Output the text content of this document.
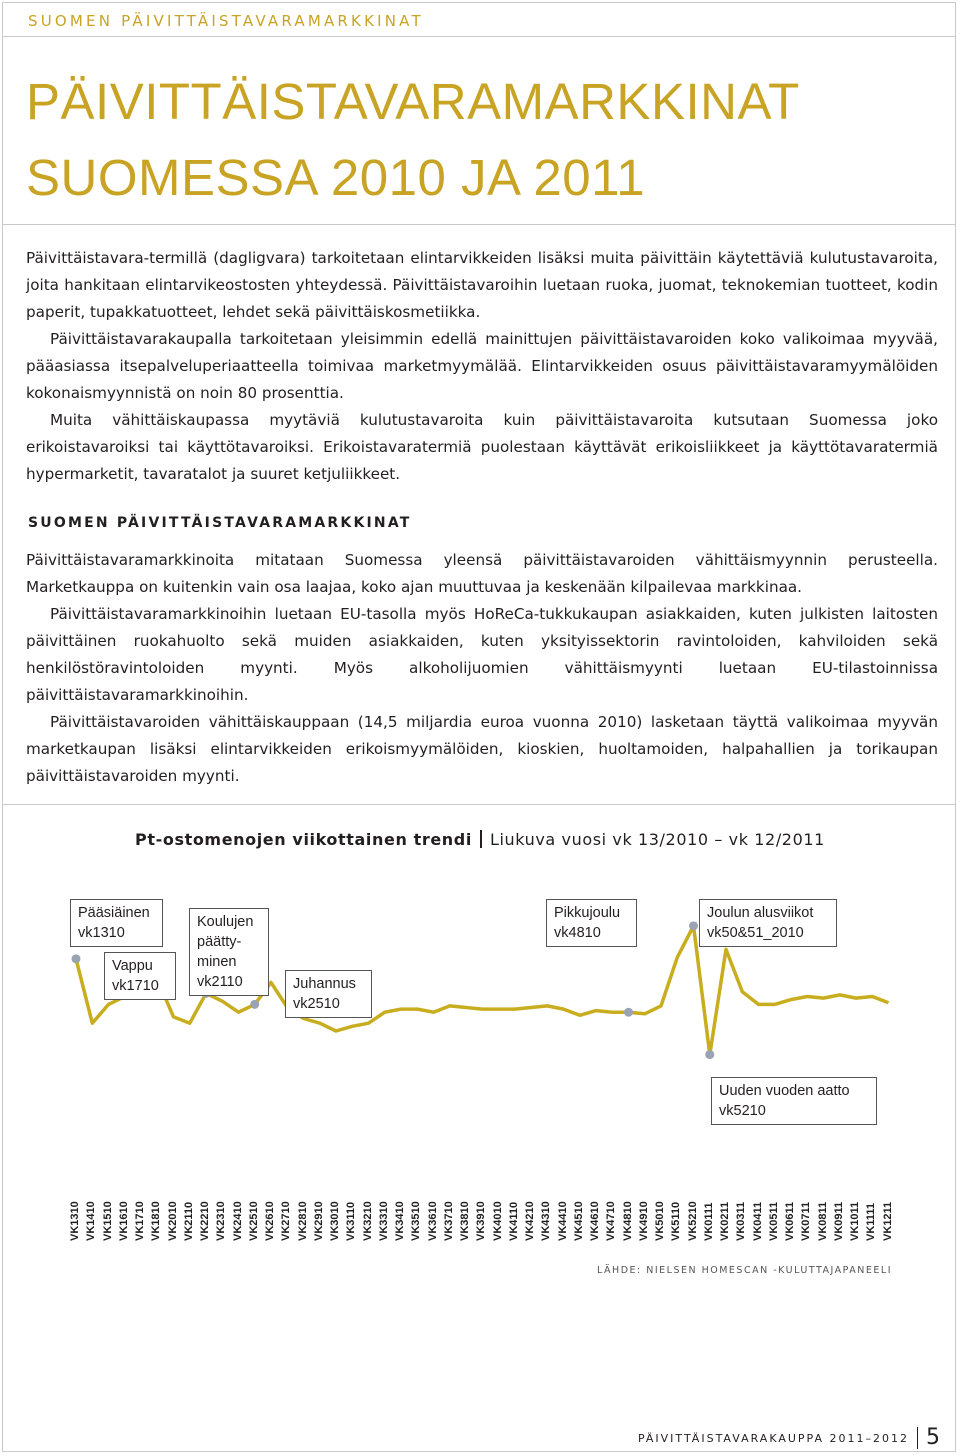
SUOMEN PÄIVITTÄISTAVARAMARKKINAT
PÄIVITTÄISTAVARAMARKKINAT
SUOMESSA 2010 JA 2011

Päivittäistavara-termillä (dagligvara) tarkoitetaan elintarvikkeiden lisäksi muita päivittäin käytettäviä kulutustavaroita, joita hankitaan elintarvikeostosten yhteydessä. Päivittäistavaroihin luetaan ruoka, juomat, teknokemian tuotteet, kodin paperit, tupakkatuotteet, lehdet sekä päivittäiskosmetiikka.

Päivittäistavarakaupalla tarkoitetaan yleisimmin edellä mainittujen päivittäistavaroiden koko valikoimaa myyvää, pääasiassa itsepalveluperiaatteella toimivaa marketmyymälää. Elintarvikkeiden osuus päivittäistavaramyymälöiden kokonaismyynnistä on noin 80 prosenttia.

Muita vähittäiskaupassa myytäviä kulutustavaroita kuin päivittäistavaroita kutsutaan Suomessa joko erikoistavaroiksi tai käyttötavaroiksi. Erikoistavaratermiä puolestaan käyttävät erikoisliikkeet ja käyttötavaratermiä hypermarketit, tavaratalot ja suuret ketjuliikkeet.

SUOMEN PÄIVITTÄISTAVARAMARKKINAT

Päivittäistavaramarkkinoita mitataan Suomessa yleensä päivittäistavaroiden vähittäismyynnin perusteella. Marketkauppa on kuitenkin vain osa laajaa, koko ajan muuttuvaa ja keskenään kilpailevaa markkinaa.

Päivittäistavaramarkkinoihin luetaan EU-tasolla myös HoReCa-tukkukaupan asiakkaiden, kuten julkisten laitosten päivittäinen ruokahuolto sekä muiden asiakkaiden, kuten yksityissektorin ravintoloiden, kahviloiden sekä henkilöstöravintoloiden myynti. Myös alkoholijuomien vähittäismyynti luetaan EU-tilastoinnissa päivittäistavaramarkkinoihin.

Päivittäistavaroiden vähittäiskauppaan (14,5 miljardia euroa vuonna 2010) lasketaan täyttä valikoimaa myyvän marketkaupan lisäksi elintarvikkeiden erikoismyymälöiden, kioskien, huoltamoiden, halpahallien ja torikaupan päivittäistavaroiden myynti.

Pt-ostomenojen viikottainen trendi Liukuva vuosi vk 13/2010 – vk 12/2011
Pääsiäinen
vk1310
Vappu
vk1710
Koulujen
päätty-
minen
vk2110	Juhannus
vk2510
Pikkujoulu
vk4810
Joulun alusviikot
vk50&51_2010
Uuden vuoden aatto
vk5210
VK1310 VK1410 VK1510 VK1610 VK1710 VK1810 VK2010 VK2110 VK2210 VK2310 VK2410 VK2510 VK2610 VK2710 VK2810 VK2910 VK3010 VK3110 VK3210 VK3310 VK3410 VK3510 VK3610 VK3710 VK3810 VK3910 VK4010 VK4110 VK4210 VK4310 VK4410 VK4510 VK4610 VK4710 VK4810 VK4910 VK5010 VK5110 VK5210 VK0111 VK0211 VK0311 VK0411 VK0511 VK0611 VK0711 VK0811 VK0911 VK1011 VK1111 VK1211
LÄHDE: NIELSEN HOMESCAN -KULUTTAJAPANEELI
PÄIVITTÄISTAVARAKAUPPA 2011–2012 5
